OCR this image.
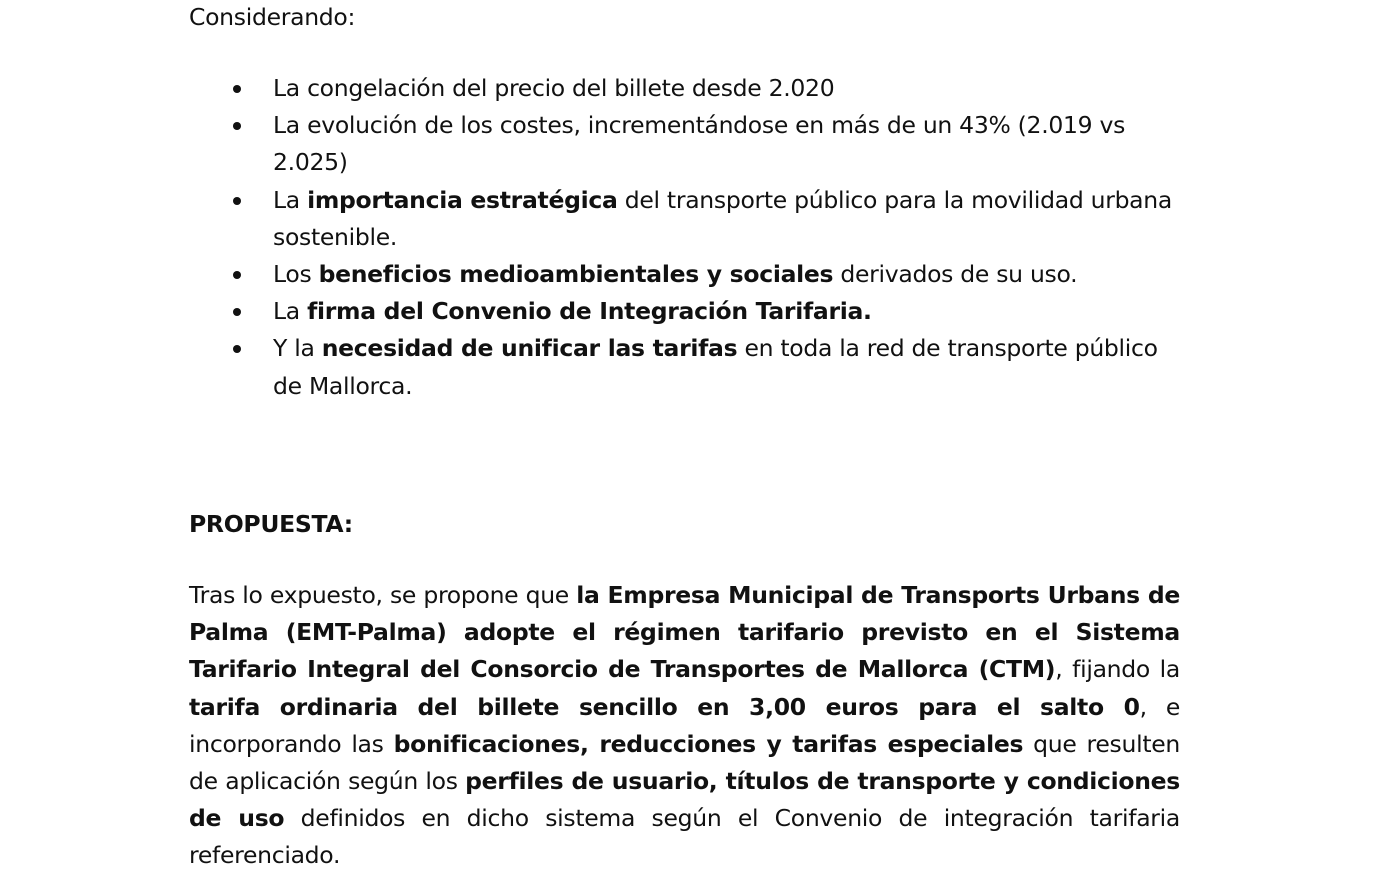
Considerando:

La congelación del precio del billete desde 2.020
La evolución de los costes, incrementándose en más de un 43% (2.019 vs 2.025)
La importancia estratégica del transporte público para la movilidad urbana sostenible.
Los beneficios medioambientales y sociales derivados de su uso.
La firma del Convenio de Integración Tarifaria.
Y la necesidad de unificar las tarifas en toda la red de transporte público de Mallorca.
PROPUESTA:

Tras lo expuesto, se propone que la Empresa Municipal de Transports Urbans de Palma (EMT-Palma) adopte el régimen tarifario previsto en el Sistema Tarifario Integral del Consorcio de Transportes de Mallorca (CTM), fijando la tarifa ordinaria del billete sencillo en 3,00 euros para el salto 0, e incorporando las bonificaciones, reducciones y tarifas especiales que resulten de aplicación según los perfiles de usuario, títulos de transporte y condiciones de uso definidos en dicho sistema según el Convenio de integración tarifaria referenciado.
